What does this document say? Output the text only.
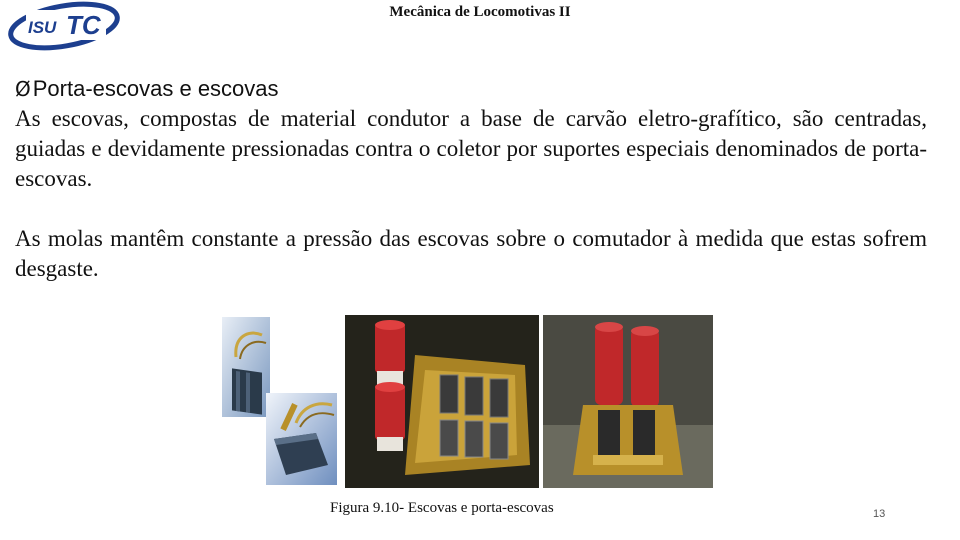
ISU TC	Mecânica de Locomotivas II

ØPorta-escovas e escovas

As escovas, compostas de material condutor a base de carvão eletro-grafítico, são centradas, guiadas e devidamente pressionadas contra o coletor por suportes especiais denominados de porta-escovas.

As molas mantêm constante a pressão das escovas sobre o comutador à medida que estas sofrem desgaste.

Figura 9.10- Escovas e porta-escovas	13
